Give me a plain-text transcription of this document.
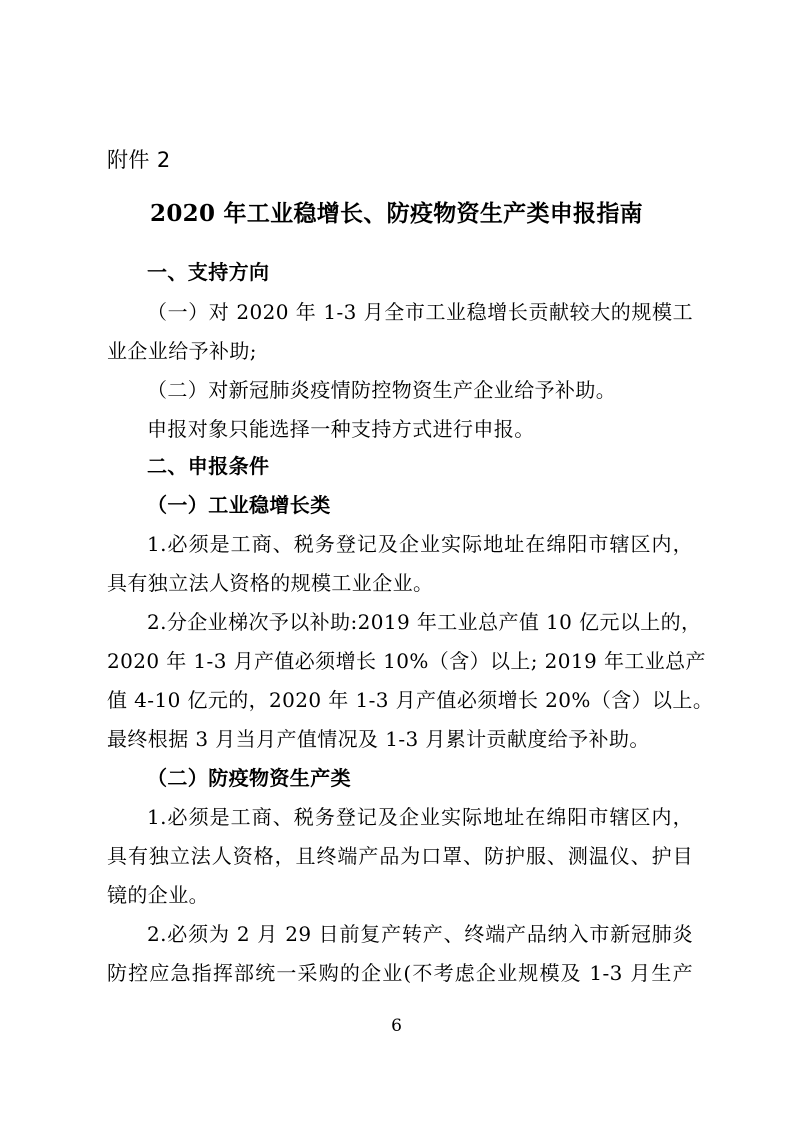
附件 2
2020 年工业稳增长、防疫物资生产类申报指南
一、支持方向
（一）对 2020 年 1-3 月全市工业稳增长贡献较大的规模工
业企业给予补助;
（二）对新冠肺炎疫情防控物资生产企业给予补助。
申报对象只能选择一种支持方式进行申报。
二、申报条件
（一）工业稳增长类
1.必须是工商、税务登记及企业实际地址在绵阳市辖区内，
具有独立法人资格的规模工业企业。
2.分企业梯次予以补助:2019 年工业总产值 10 亿元以上的，
2020 年 1-3 月产值必须增长 10%（含）以上; 2019 年工业总产
值 4-10 亿元的，2020 年 1-3 月产值必须增长 20%（含）以上。
最终根据 3 月当月产值情况及 1-3 月累计贡献度给予补助。
（二）防疫物资生产类
1.必须是工商、税务登记及企业实际地址在绵阳市辖区内，
具有独立法人资格，且终端产品为口罩、防护服、测温仪、护目
镜的企业。
2.必须为 2 月 29 日前复产转产、终端产品纳入市新冠肺炎
防控应急指挥部统一采购的企业(不考虑企业规模及 1-3 月生产
6
